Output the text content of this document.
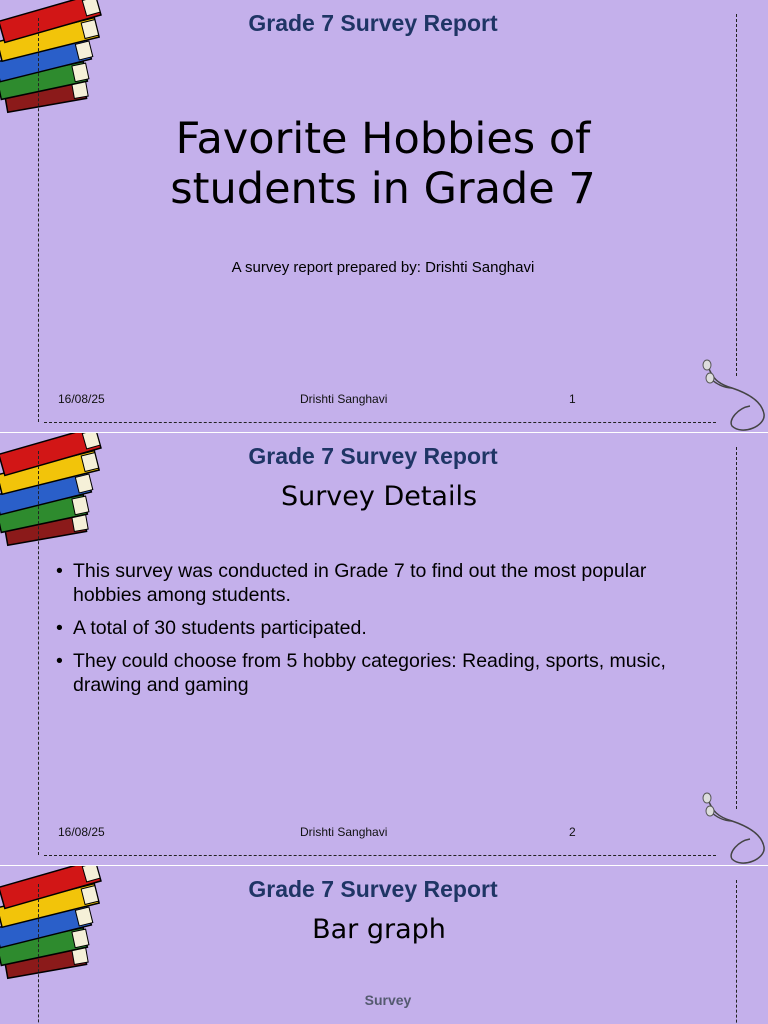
Grade 7 Survey Report
Favorite Hobbies of
students in Grade 7
A survey report prepared by: Drishti Sanghavi
16/08/25	Drishti Sanghavi	1
Grade 7 Survey Report
Survey Details
• This survey was conducted in Grade 7 to find out the most popular hobbies among students.
• A total of 30 students participated.
• They could choose from 5 hobby categories: Reading, sports, music, drawing and gaming
16/08/25	Drishti Sanghavi	2
Grade 7 Survey Report
Bar graph
Survey
